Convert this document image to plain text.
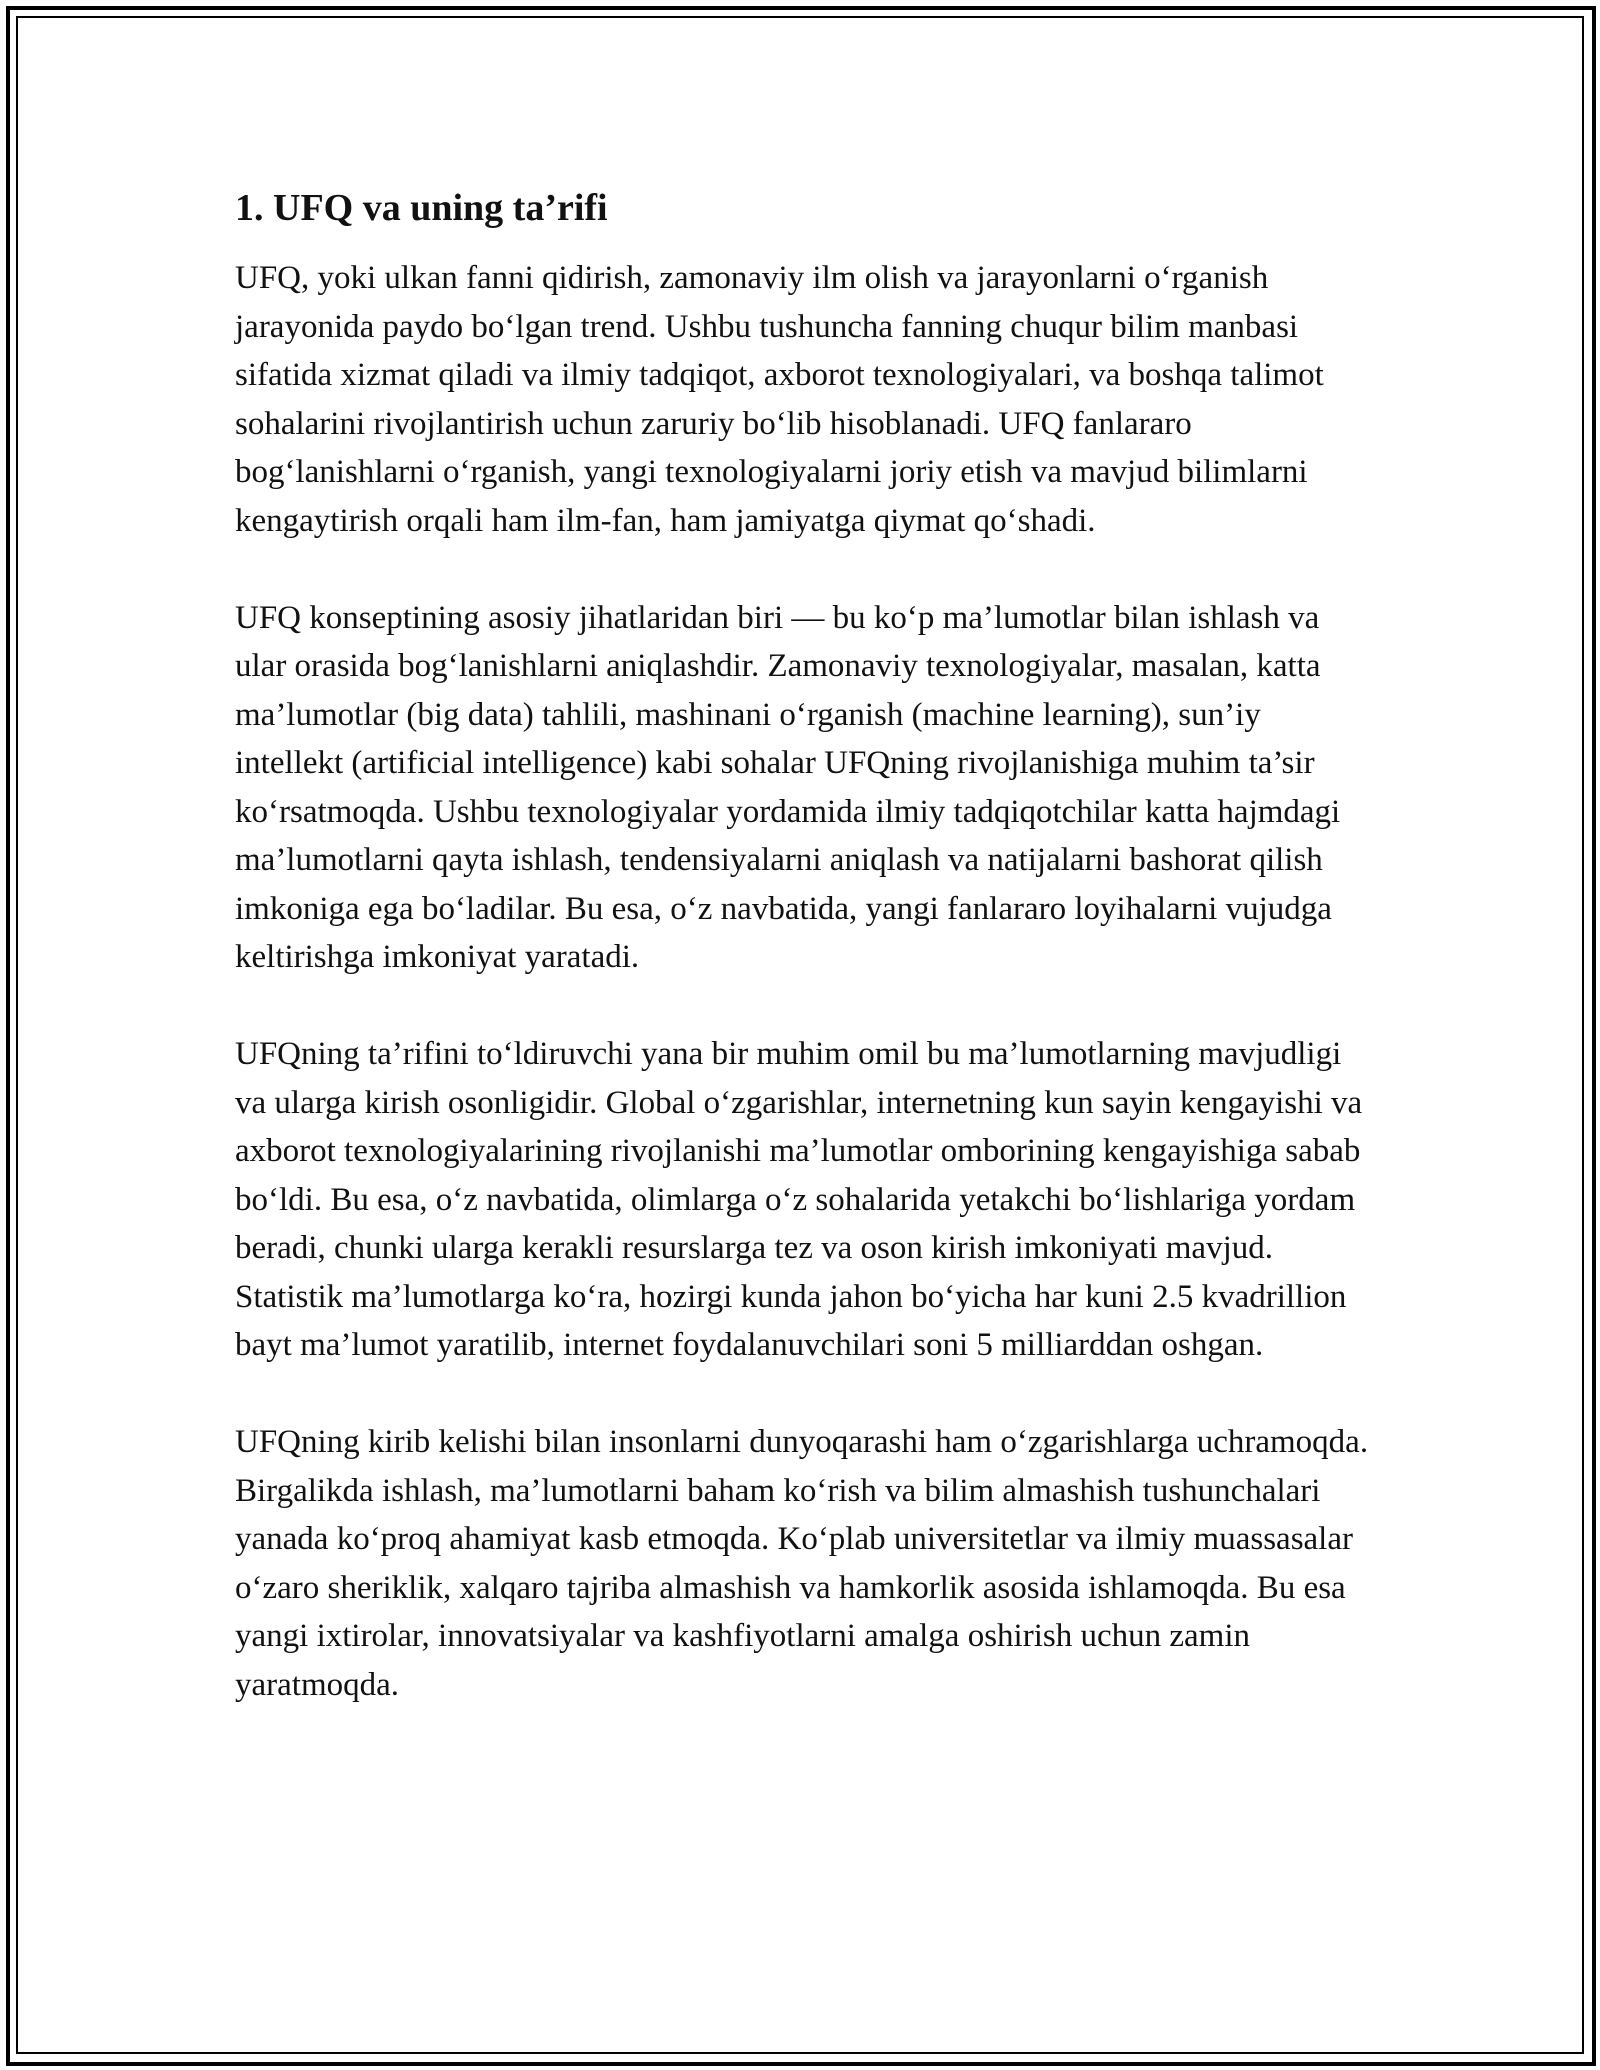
1. UFQ va uning ta’rifi

UFQ, yoki ulkan fanni qidirish, zamonaviy ilm olish va jarayonlarni o‘rganish jarayonida paydo bo‘lgan trend. Ushbu tushuncha fanning chuqur bilim manbasi sifatida xizmat qiladi va ilmiy tadqiqot, axborot texnologiyalari, va boshqa talimot sohalarini rivojlantirish uchun zaruriy bo‘lib hisoblanadi. UFQ fanlararo bog‘lanishlarni o‘rganish, yangi texnologiyalarni joriy etish va mavjud bilimlarni kengaytirish orqali ham ilm-fan, ham jamiyatga qiymat qo‘shadi.

UFQ konseptining asosiy jihatlaridan biri — bu ko‘p ma’lumotlar bilan ishlash va ular orasida bog‘lanishlarni aniqlashdir. Zamonaviy texnologiyalar, masalan, katta ma’lumotlar (big data) tahlili, mashinani o‘rganish (machine learning), sun’iy intellekt (artificial intelligence) kabi sohalar UFQning rivojlanishiga muhim ta’sir ko‘rsatmoqda. Ushbu texnologiyalar yordamida ilmiy tadqiqotchilar katta hajmdagi ma’lumotlarni qayta ishlash, tendensiyalarni aniqlash va natijalarni bashorat qilish imkoniga ega bo‘ladilar. Bu esa, o‘z navbatida, yangi fanlararo loyihalarni vujudga keltirishga imkoniyat yaratadi.

UFQning ta’rifini to‘ldiruvchi yana bir muhim omil bu ma’lumotlarning mavjudligi va ularga kirish osonligidir. Global o‘zgarishlar, internetning kun sayin kengayishi va axborot texnologiyalarining rivojlanishi ma’lumotlar omborining kengayishiga sabab bo‘ldi. Bu esa, o‘z navbatida, olimlarga o‘z sohalarida yetakchi bo‘lishlariga yordam beradi, chunki ularga kerakli resurslarga tez va oson kirish imkoniyati mavjud. Statistik ma’lumotlarga ko‘ra, hozirgi kunda jahon bo‘yicha har kuni 2.5 kvadrillion bayt ma’lumot yaratilib, internet foydalanuvchilari soni 5 milliarddan oshgan.

UFQning kirib kelishi bilan insonlarni dunyoqarashi ham o‘zgarishlarga uchramoqda. Birgalikda ishlash, ma’lumotlarni baham ko‘rish va bilim almashish tushunchalari yanada ko‘proq ahamiyat kasb etmoqda. Ko‘plab universitetlar va ilmiy muassasalar o‘zaro sheriklik, xalqaro tajriba almashish va hamkorlik asosida ishlamoqda. Bu esa yangi ixtirolar, innovatsiyalar va kashfiyotlarni amalga oshirish uchun zamin yaratmoqda.
